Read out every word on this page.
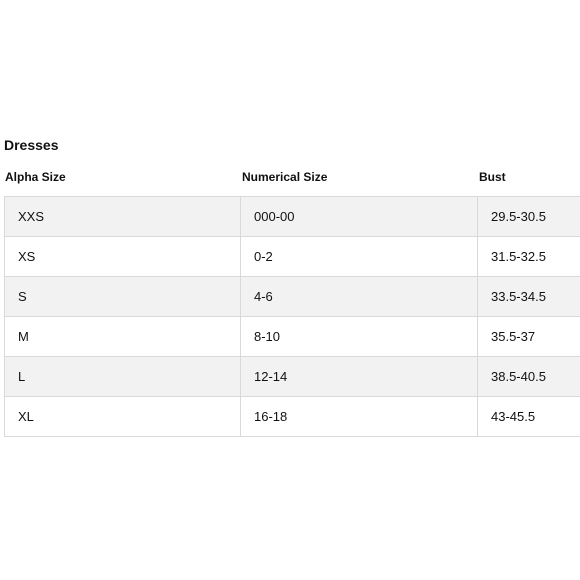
Dresses
Alpha Size	Numerical Size	Bust
XXS	000-00	29.5-30.5
XS	0-2	31.5-32.5
S	4-6	33.5-34.5
M	8-10	35.5-37
L	12-14	38.5-40.5
XL	16-18	43-45.5
